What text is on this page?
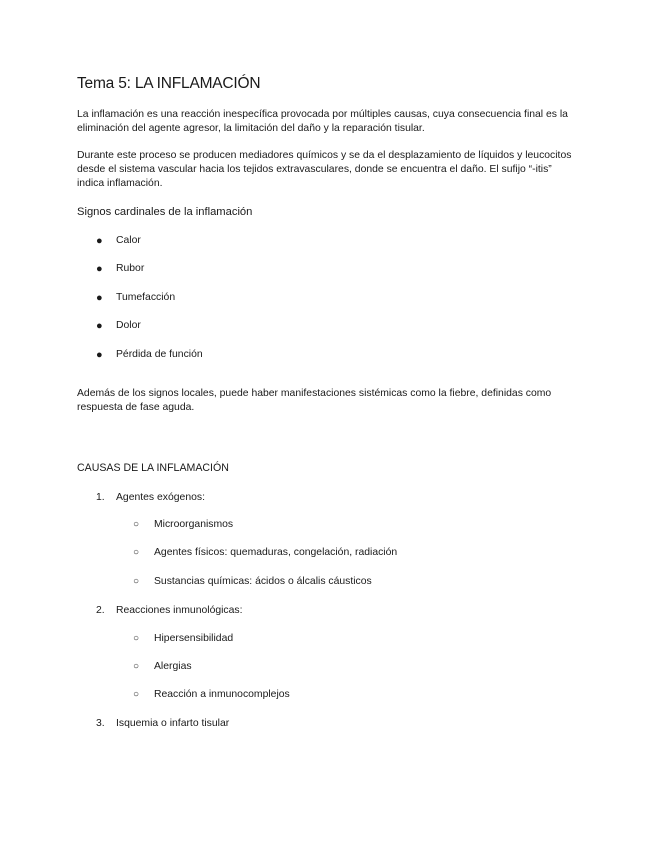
Tema 5: LA INFLAMACIÓN

La inflamación es una reacción inespecífica provocada por múltiples causas, cuya consecuencia final es la eliminación del agente agresor, la limitación del daño y la reparación tisular.

Durante este proceso se producen mediadores químicos y se da el desplazamiento de líquidos y leucocitos desde el sistema vascular hacia los tejidos extravasculares, donde se encuentra el daño. El sufijo “-itis” indica inflamación.

Signos cardinales de la inflamación
●	Calor
●	Rubor
●	Tumefacción
●	Dolor
●	Pérdida de función

Además de los signos locales, puede haber manifestaciones sistémicas como la fiebre, definidas como respuesta de fase aguda.

CAUSAS DE LA INFLAMACIÓN
1.	Agentes exógenos:
○	Microorganismos
○	Agentes físicos: quemaduras, congelación, radiación
○	Sustancias químicas: ácidos o álcalis cáusticos
2.	Reacciones inmunológicas:
○	Hipersensibilidad
○	Alergias
○	Reacción a inmunocomplejos
3.	Isquemia o infarto tisular
